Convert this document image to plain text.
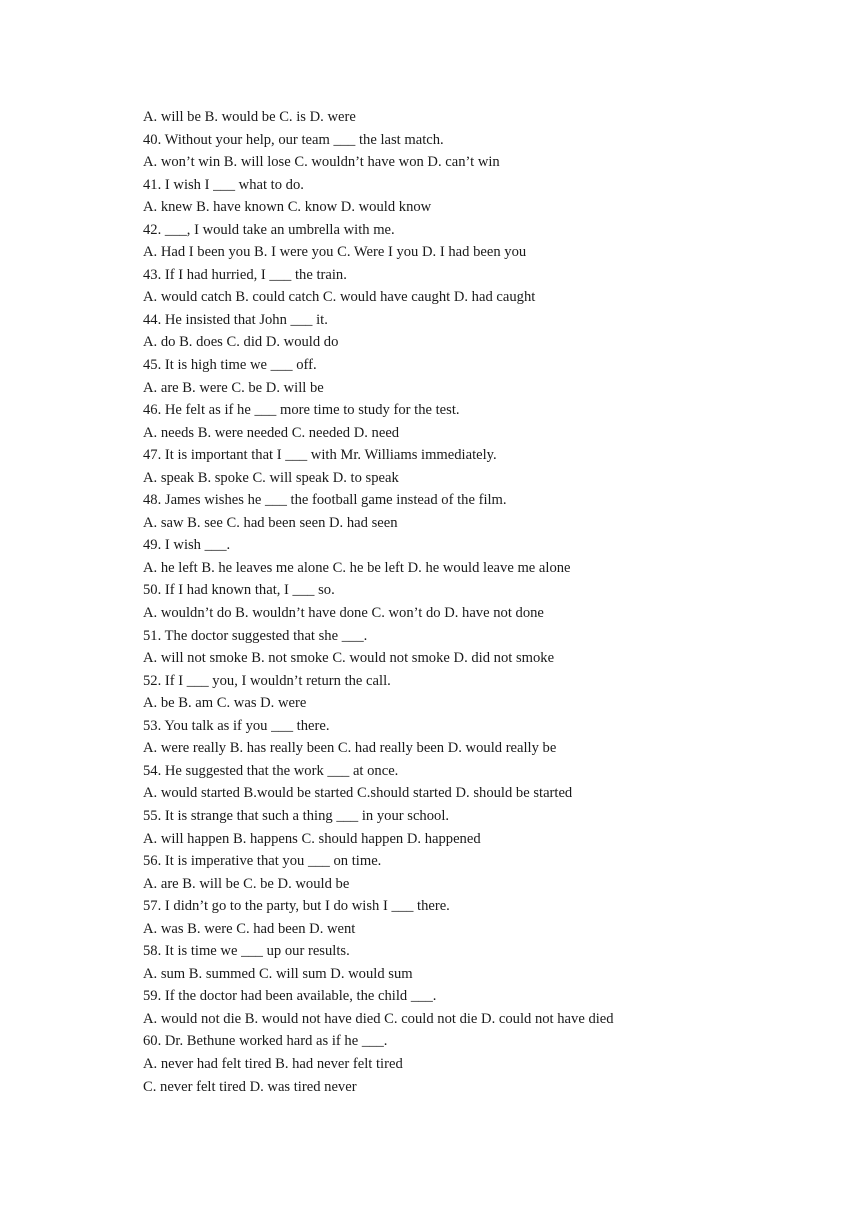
A. will be B. would be C. is D. were
40. Without your help, our team ___ the last match.
A. won’t win B. will lose C. wouldn’t have won D. can’t win
41. I wish I ___ what to do.
A. knew B. have known C. know D. would know
42. ___, I would take an umbrella with me.
A. Had I been you B. I were you C. Were I you D. I had been you
43. If I had hurried, I ___ the train.
A. would catch B. could catch C. would have caught D. had caught
44. He insisted that John ___ it.
A. do B. does C. did D. would do
45. It is high time we ___ off.
A. are B. were C. be D. will be
46. He felt as if he ___ more time to study for the test.
A. needs B. were needed C. needed D. need
47. It is important that I ___ with Mr. Williams immediately.
A. speak B. spoke C. will speak D. to speak
48. James wishes he ___ the football game instead of the film.
A. saw B. see C. had been seen D. had seen
49. I wish ___.
A. he left B. he leaves me alone C. he be left D. he would leave me alone
50. If I had known that, I ___ so.
A. wouldn’t do B. wouldn’t have done C. won’t do D. have not done
51. The doctor suggested that she ___.
A. will not smoke B. not smoke C. would not smoke D. did not smoke
52. If I ___ you, I wouldn’t return the call.
A. be B. am C. was D. were
53. You talk as if you ___ there.
A. were really B. has really been C. had really been D. would really be
54. He suggested that the work ___ at once.
A. would started B.would be started C.should started D. should be started
55. It is strange that such a thing ___ in your school.
A. will happen B. happens C. should happen D. happened
56. It is imperative that you ___ on time.
A. are B. will be C. be D. would be
57. I didn’t go to the party, but I do wish I ___ there.
A. was B. were C. had been D. went
58. It is time we ___ up our results.
A. sum B. summed C. will sum D. would sum
59. If the doctor had been available, the child ___.
A. would not die B. would not have died C. could not die D. could not have died
60. Dr. Bethune worked hard as if he ___.
A. never had felt tired B. had never felt tired
C. never felt tired D. was tired never
